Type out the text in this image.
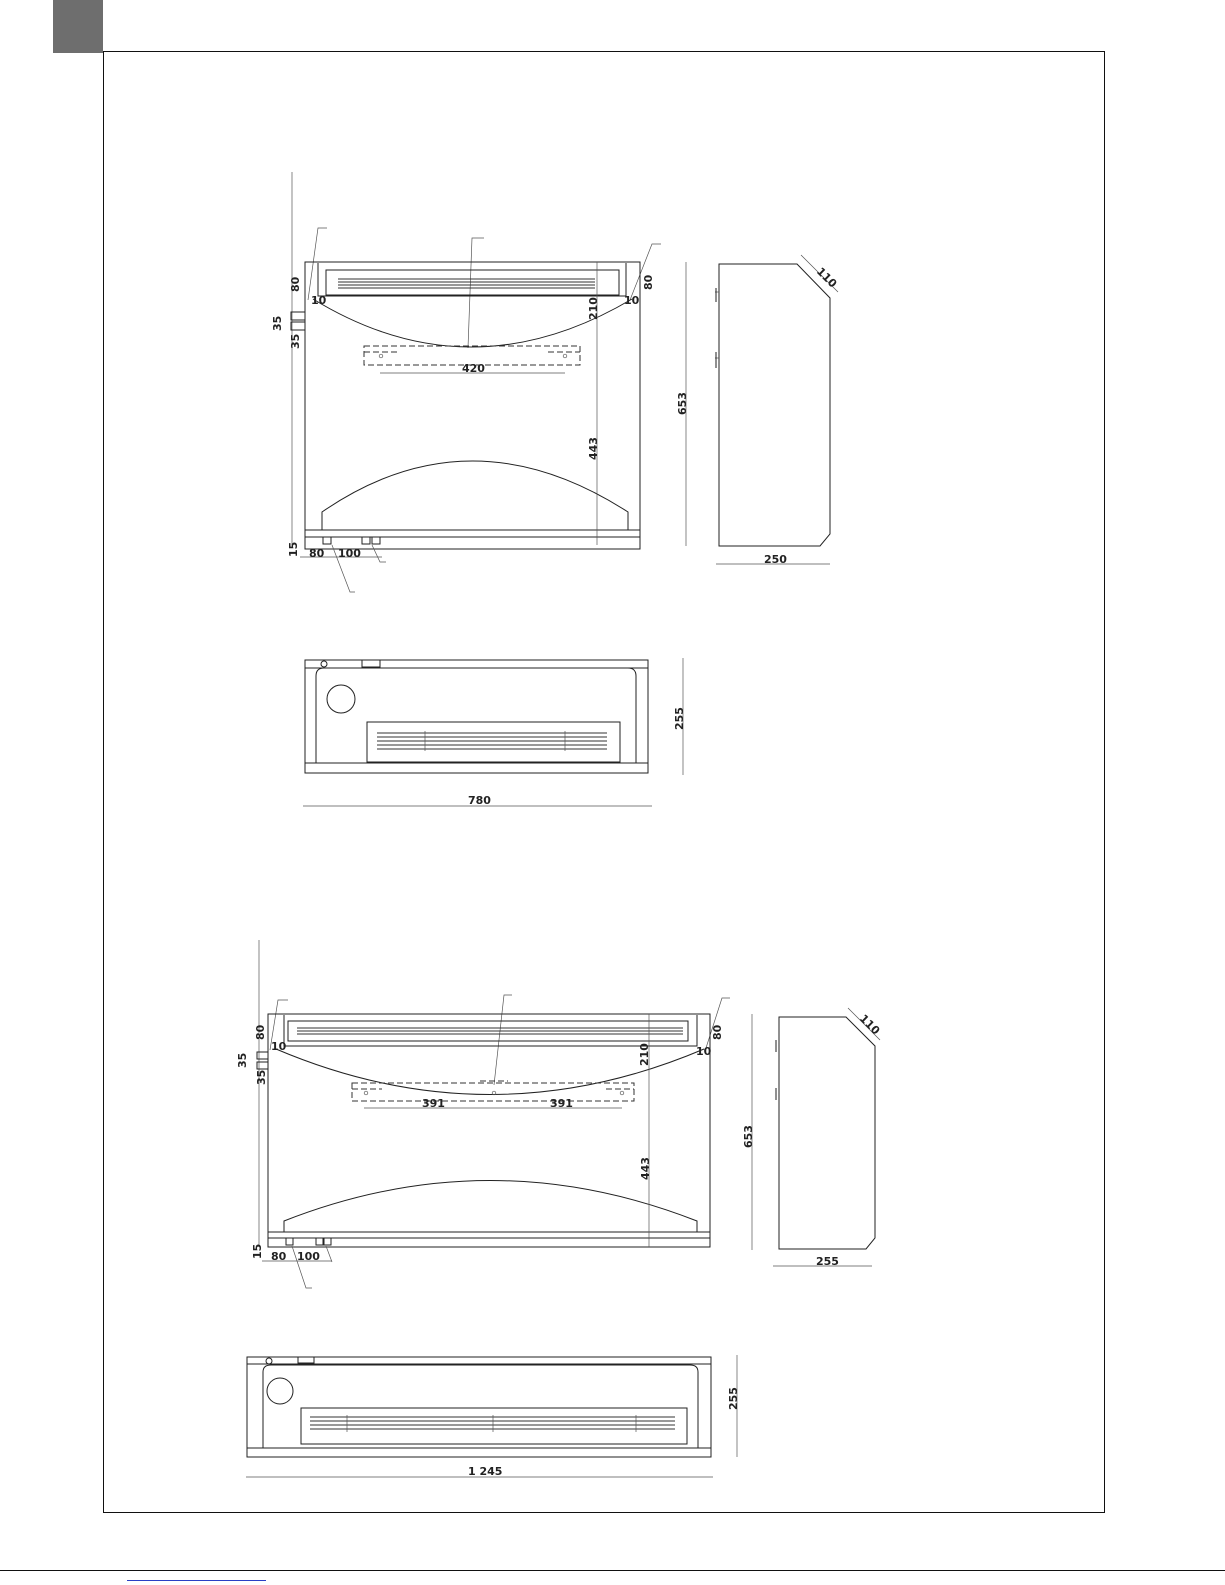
80
10	10
80
35
35
210
420
443
15 80 100
653
110
250
255
780
80
10	10
80
35
35
210
391	391
443
15 80 100
653
110
255
255
1 245
